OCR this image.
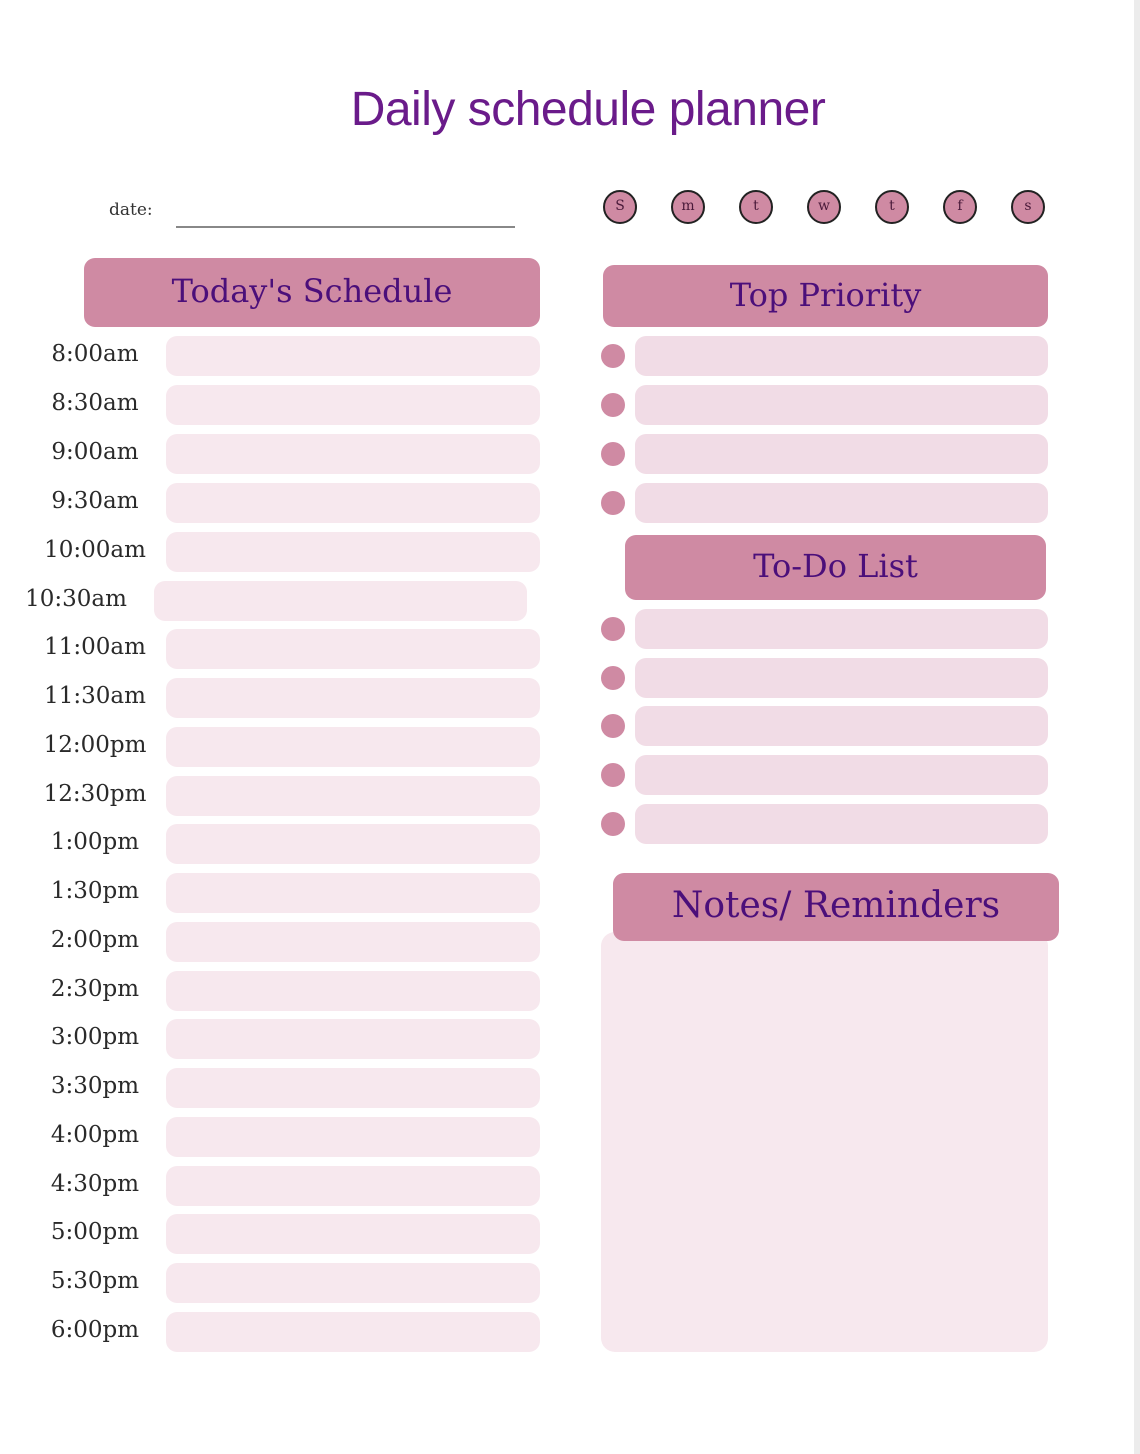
Daily schedule planner
date:	S	m	t	w	t	f	s
Today's Schedule
8:00am
8:30am
9:00am
9:30am
10:00am
10:30am
11:00am
11:30am
12:00pm
12:30pm
1:00pm
1:30pm
2:00pm
2:30pm
3:00pm
3:30pm
4:00pm
4:30pm
5:00pm
5:30pm
6:00pm
Top Priority
To-Do List
Notes/ Reminders
